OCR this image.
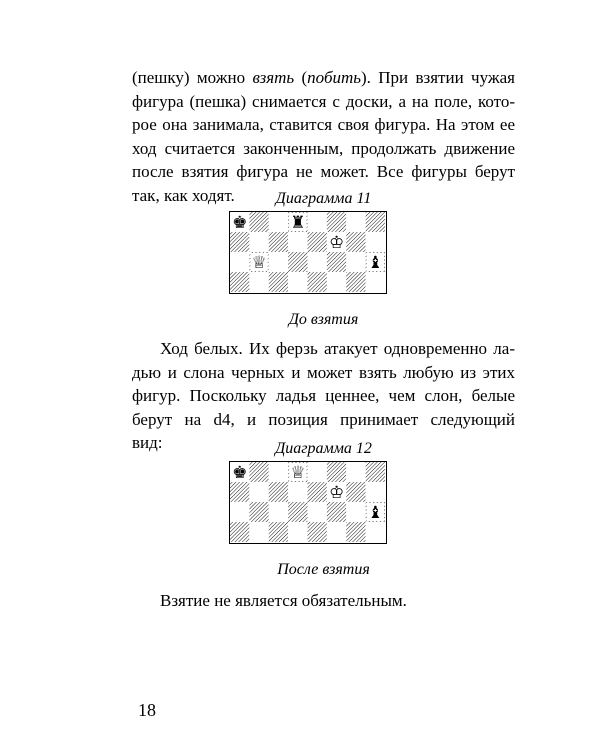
(пешку) можно взять (побить). При взятии чужая
фигура (пешка) снимается с доски, а на поле, кото-
рое она занимала, ставится своя фигура. На этом ее
ход считается законченным, продолжать движение
после взятия фигура не может. Все фигуры берут
так, как ходят.	Диаграмма 11

♚	♜
♔
♕	♝

До взятия

Ход белых. Их ферзь атакует одновременно ла-
дью и слона черных и может взять любую из этих
фигур. Поскольку ладья ценнее, чем слон, белые
берут на d4, и позиция принимает следующий
вид:	Диаграмма 12

♚	♕
♔
♝

После взятия

Взятие не является обязательным.

18
